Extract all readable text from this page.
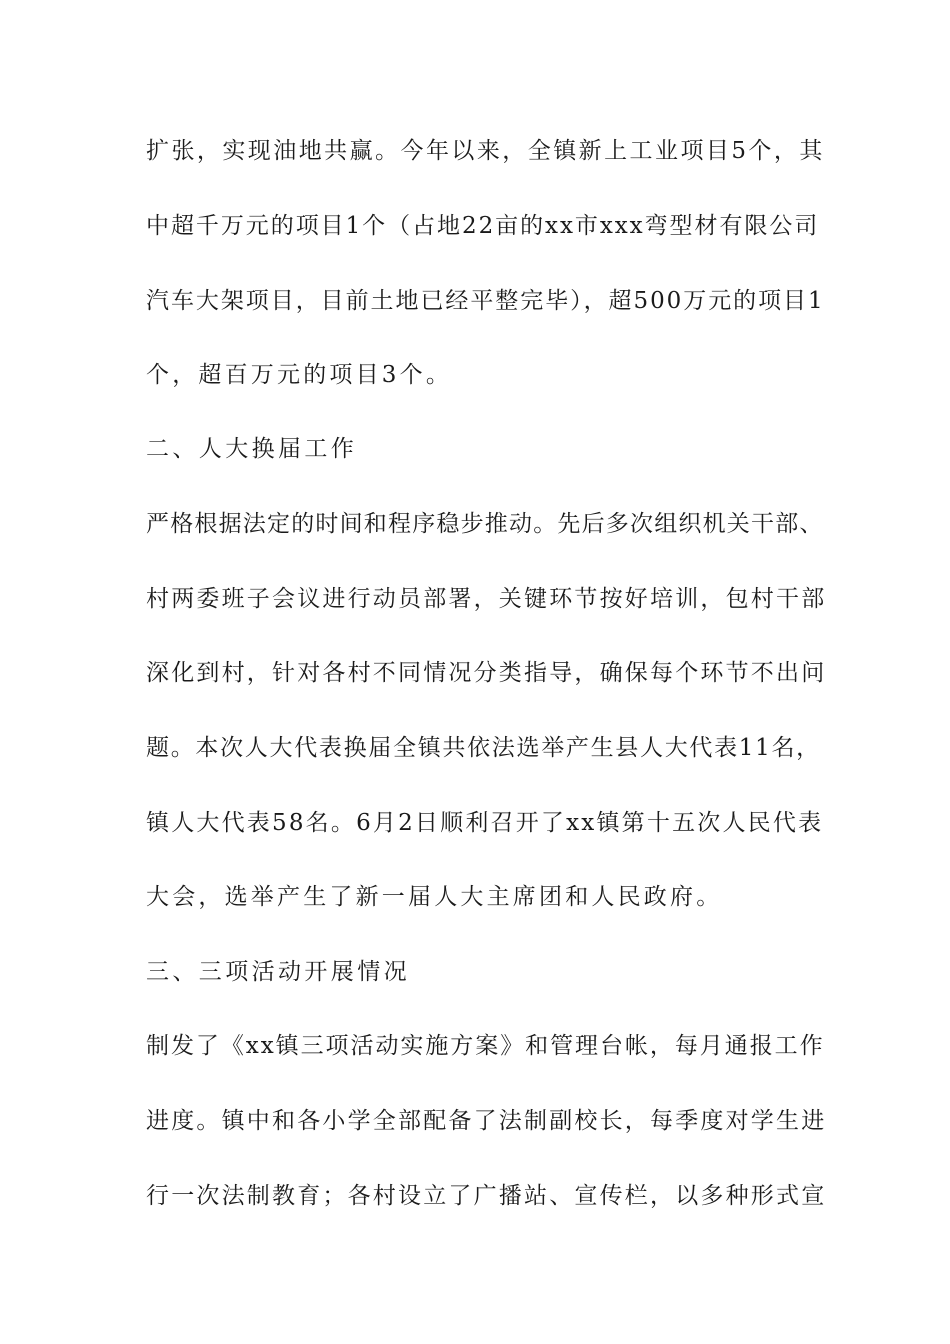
扩张，实现油地共赢。今年以来，全镇新上工业项目5个，其
中超千万元的项目1个（占地22亩的xx市xxx弯型材有限公司
汽车大架项目，目前土地已经平整完毕），超500万元的项目1
个，超百万元的项目3个。
二、人大换届工作
严格根据法定的时间和程序稳步推动。先后多次组织机关干部、
村两委班子会议进行动员部署，关键环节按好培训，包村干部
深化到村，针对各村不同情况分类指导，确保每个环节不出问
题。本次人大代表换届全镇共依法选举产生县人大代表11名，
镇人大代表58名。6月2日顺利召开了xx镇第十五次人民代表
大会，选举产生了新一届人大主席团和人民政府。
三、三项活动开展情况
制发了《xx镇三项活动实施方案》和管理台帐，每月通报工作
进度。镇中和各小学全部配备了法制副校长，每季度对学生进
行一次法制教育；各村设立了广播站、宣传栏，以多种形式宣
